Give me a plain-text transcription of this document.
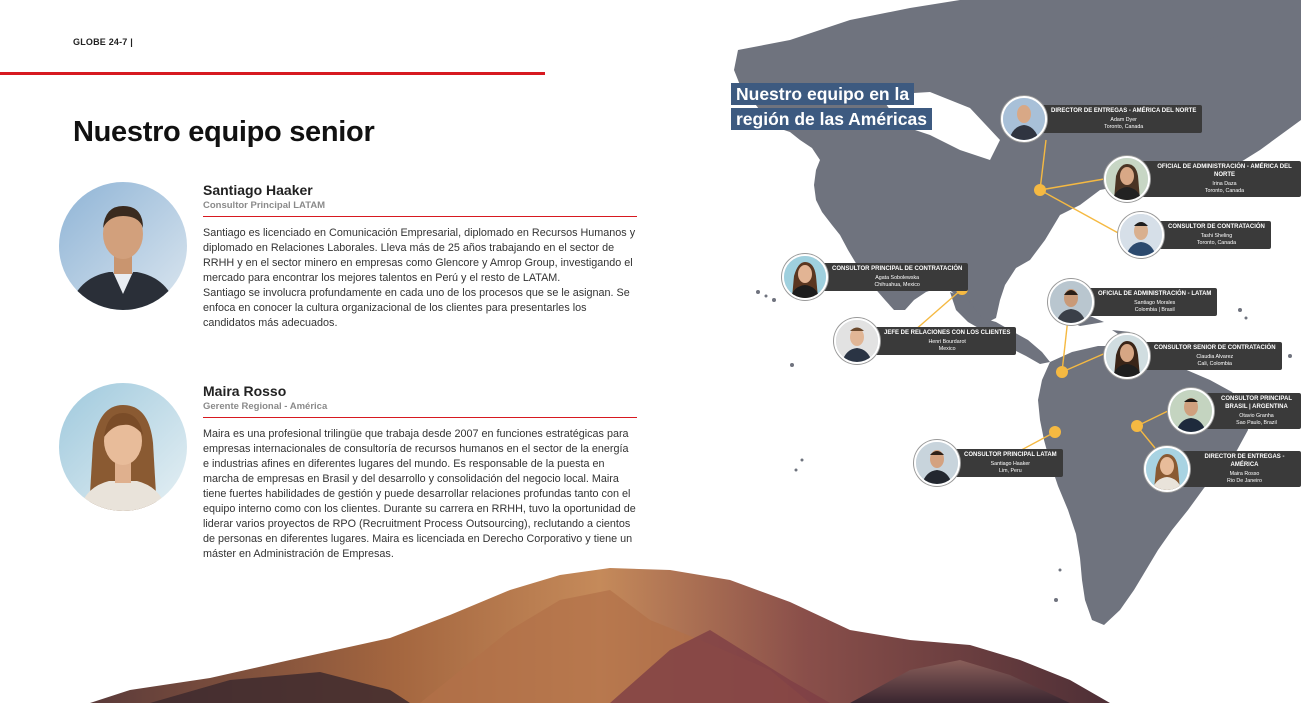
GLOBE 24-7 |
Nuestro equipo senior

Santiago Haaker

Consultor Principal LATAM

Santiago es licenciado en Comunicación Empresarial, diplomado en Recursos Humanos y diplomado en Relaciones Laborales. Lleva más de 25 años trabajando en el sector de RRHH y en el sector minero en empresas como Glencore y Amrop Group, investigando el mercado para encontrar los mejores talentos en Perú y el resto de LATAM.

Santiago se involucra profundamente en cada uno de los procesos que se le asignan. Se enfoca en conocer la cultura organizacional de los clientes para presentarles los candidatos más adecuados.

Maira Rosso

Gerente Regional - América

Maira es una profesional trilingüe que trabaja desde 2007 en funciones estratégicas para empresas internacionales de consultoría de recursos humanos en el sector de la energía e industrias afines en diferentes lugares del mundo. Es responsable de la puesta en marcha de empresas en Brasil y del desarrollo y consolidación del negocio local. Maira tiene fuertes habilidades de gestión y puede desarrollar relaciones profundas tanto con el equipo interno como con los clientes. Durante su carrera en RRHH, tuvo la oportunidad de liderar varios proyectos de RPO (Recruitment Process Outsourcing), reclutando a cientos de personas en diferentes lugares. Maira es licenciada en Derecho Corporativo y tiene un máster en Administración de Empresas.

Nuestro equipo en la región de las Américas	DIRECTOR DE ENTREGAS - AMÉRICA DEL NORTE
Adam Dyer
Toronto, Canada
OFICIAL DE ADMINISTRACIÓN - AMÉRICA DEL NORTE
Irina Daza
Toronto, Canada
CONSULTOR DE CONTRATACIÓN
Tashi Sheling
Toronto, Canada
CONSULTOR PRINCIPAL DE CONTRATACIÓN
Agata Sobolewska
Chihuahua, Mexico
JEFE DE RELACIONES CON LOS CLIENTES
Henri Bourdarot
Mexico
OFICIAL DE ADMINISTRACIÓN - LATAM
Santiago Morales
Colombia | Brasil
CONSULTOR SENIOR DE CONTRATACIÓN
Claudia Alvarez
Cali, Colombia
CONSULTOR PRINCIPAL BRASIL | ARGENTINA
Otavio Granha
Sao Paulo, Brazil
CONSULTOR PRINCIPAL LATAM
Santiago Haaker
Lim, Peru
DIRECTOR DE ENTREGAS - AMÉRICA
Maira Rosso
Rio De Janeiro
